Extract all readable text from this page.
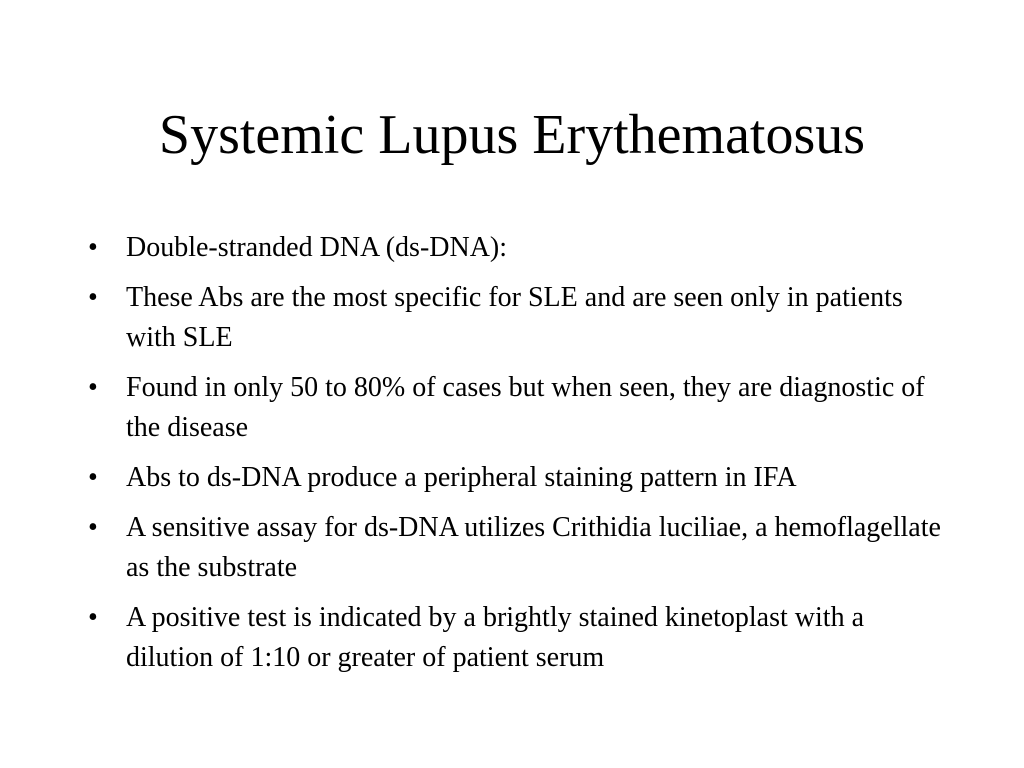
Systemic Lupus Erythematosus
• Double-stranded DNA (ds-DNA):
• These Abs are the most specific for SLE and are seen only in patients with SLE
• Found in only 50 to 80% of cases but when seen, they are diagnostic of the disease
• Abs to ds-DNA produce a peripheral staining pattern in IFA
• A sensitive assay for ds-DNA utilizes Crithidia luciliae, a hemoflagellate as the substrate
• A positive test is indicated by a brightly stained kinetoplast with a dilution of 1:10 or greater of patient serum
